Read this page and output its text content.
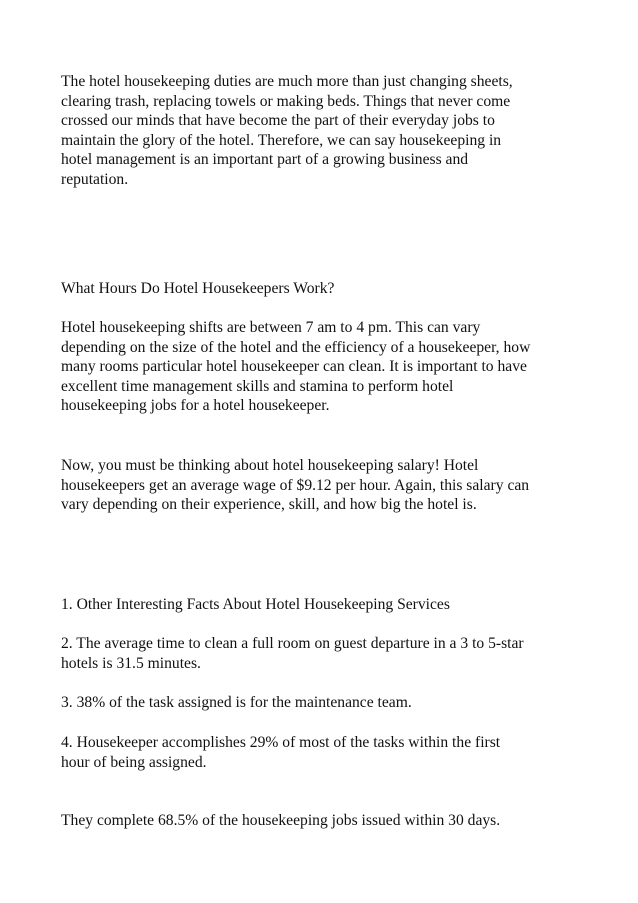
The hotel housekeeping duties are much more than just changing sheets,
clearing trash, replacing towels or making beds. Things that never come
crossed our minds that have become the part of their everyday jobs to
maintain the glory of the hotel. Therefore, we can say housekeeping in
hotel management is an important part of a growing business and
reputation.

What Hours Do Hotel Housekeepers Work?

Hotel housekeeping shifts are between 7 am to 4 pm. This can vary
depending on the size of the hotel and the efficiency of a housekeeper, how
many rooms particular hotel housekeeper can clean. It is important to have
excellent time management skills and stamina to perform hotel
housekeeping jobs for a hotel housekeeper.

Now, you must be thinking about hotel housekeeping salary! Hotel
housekeepers get an average wage of $9.12 per hour. Again, this salary can
vary depending on their experience, skill, and how big the hotel is.

1. Other Interesting Facts About Hotel Housekeeping Services

2. The average time to clean a full room on guest departure in a 3 to 5-star
hotels is 31.5 minutes.

3. 38% of the task assigned is for the maintenance team.

4. Housekeeper accomplishes 29% of most of the tasks within the first
hour of being assigned.

They complete 68.5% of the housekeeping jobs issued within 30 days.
